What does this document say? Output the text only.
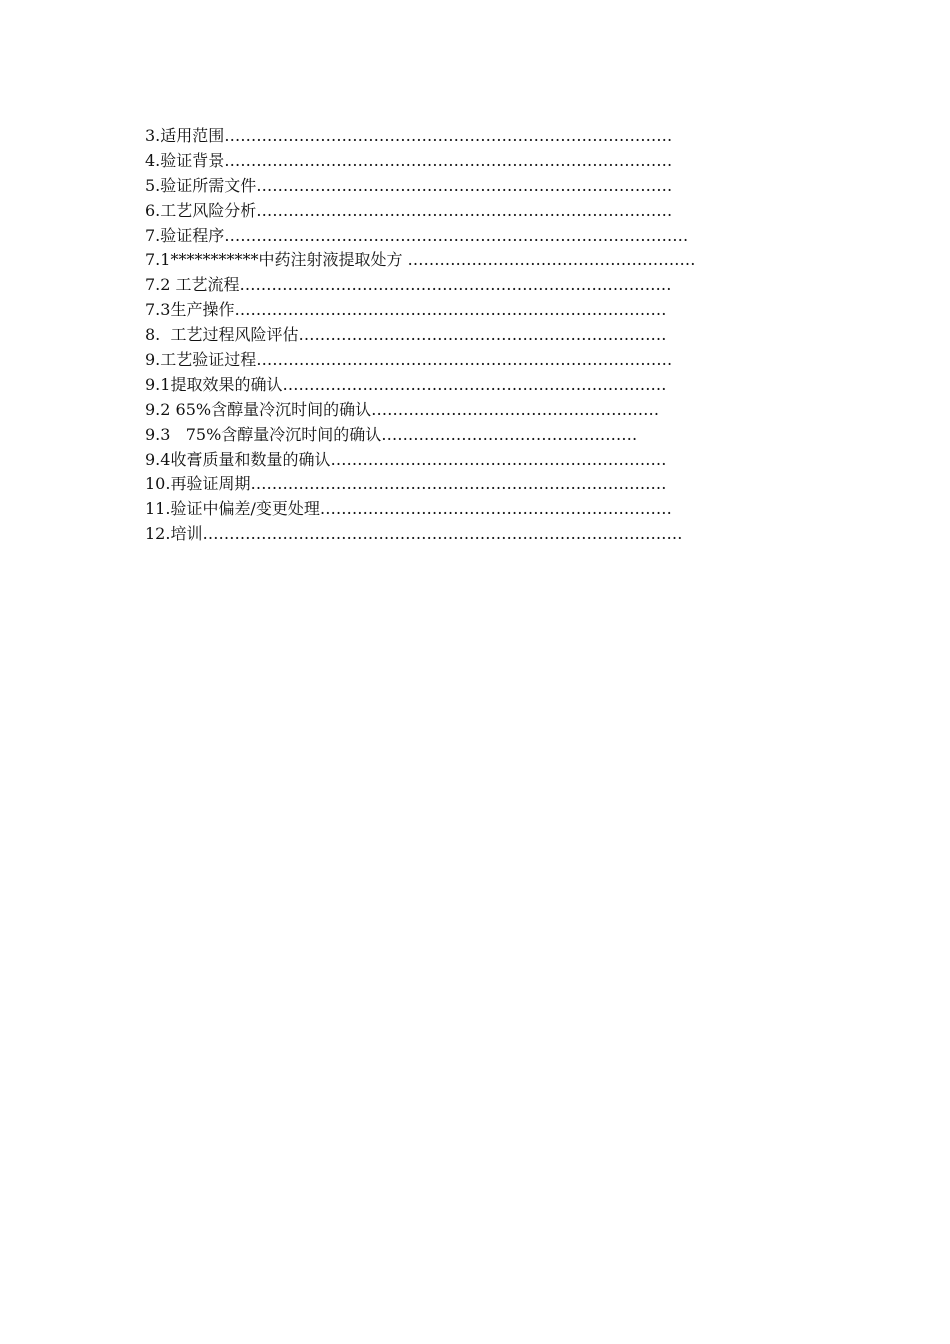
3.适用范围…………………………………………………………………………
4.验证背景…………………………………………………………………………
5.验证所需文件……………………………………………………………………
6.工艺风险分析……………………………………………………………………
7.验证程序……………………………………………………………………………
7.1***********中药注射液提取处方 ………………………………………………
7.2 工艺流程………………………………………………………………………
7.3生产操作………………………………………………………………………
8.  工艺过程风险评估……………………………………………………………
9.工艺验证过程……………………………………………………………………
9.1提取效果的确认………………………………………………………………
9.2 65%含醇量冷沉时间的确认………………………………………………
9.3   75%含醇量冷沉时间的确认…………………………………………
9.4收膏质量和数量的确认………………………………………………………
10.再验证周期……………………………………………………………………
11.验证中偏差/变更处理…………………………………………………………
12.培训………………………………………………………………………………
